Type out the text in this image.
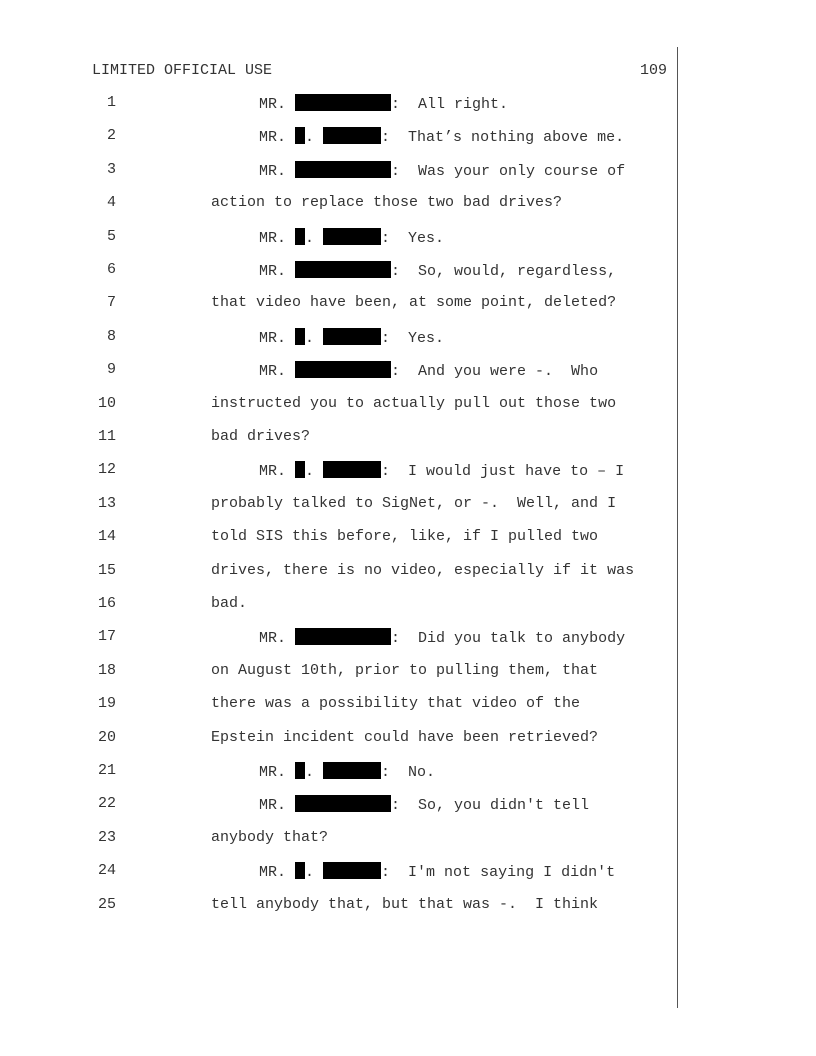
LIMITED OFFICIAL USE	109
1	MR.	:  All right.
2	MR. .	:  That’s nothing above me.
3	MR.	:  Was your only course of
4	action to replace those two bad drives?
5	MR. .	:  Yes.
6	MR.	:  So, would, regardless,
7	that video have been, at some point, deleted?
8	MR. .	:  Yes.
9	MR.	:  And you were -.  Who
10	instructed you to actually pull out those two
11	bad drives?
12	MR. .	:  I would just have to – I
13	probably talked to SigNet, or -.  Well, and I
14	told SIS this before, like, if I pulled two
15	drives, there is no video, especially if it was
16	bad.
17	MR.	:  Did you talk to anybody
18	on August 10th, prior to pulling them, that
19	there was a possibility that video of the
20	Epstein incident could have been retrieved?
21	MR. .	:  No.
22	MR.	:  So, you didn't tell
23	anybody that?
24	MR. .	:  I'm not saying I didn't
25	tell anybody that, but that was -.  I think
